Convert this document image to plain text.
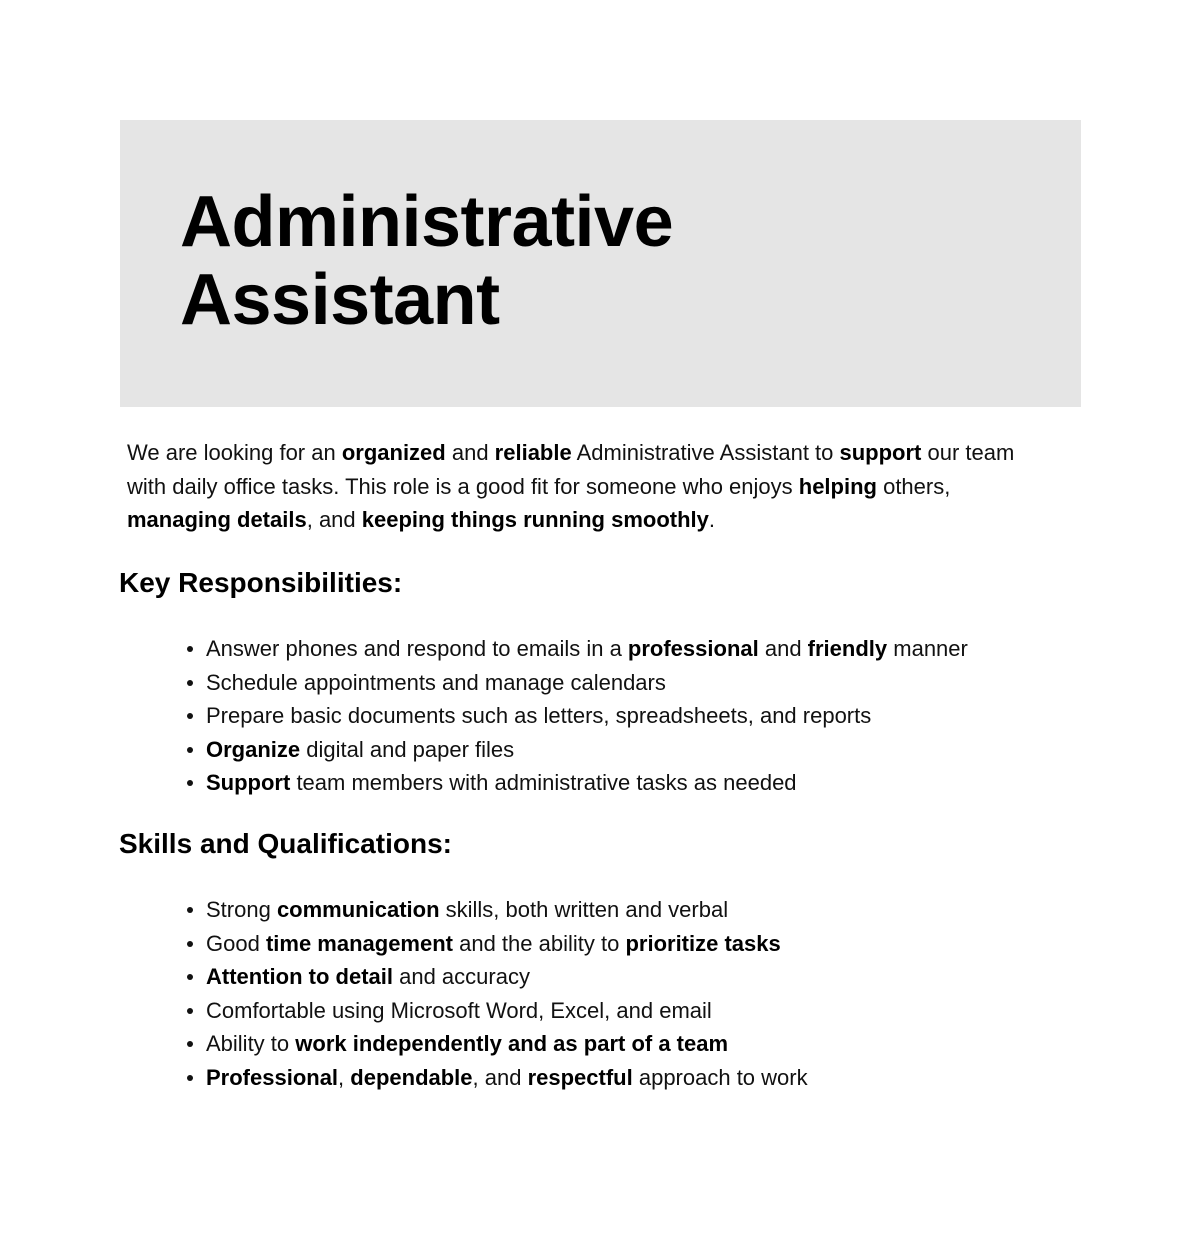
Administrative
Assistant

We are looking for an organized and reliable Administrative Assistant to support our team with daily office tasks. This role is a good fit for someone who enjoys helping others, managing details, and keeping things running smoothly.

Key Responsibilities:
Answer phones and respond to emails in a professional and friendly manner
Schedule appointments and manage calendars
Prepare basic documents such as letters, spreadsheets, and reports
Organize digital and paper files
Support team members with administrative tasks as needed
Skills and Qualifications:
Strong communication skills, both written and verbal
Good time management and the ability to prioritize tasks
Attention to detail and accuracy
Comfortable using Microsoft Word, Excel, and email
Ability to work independently and as part of a team
Professional, dependable, and respectful approach to work
